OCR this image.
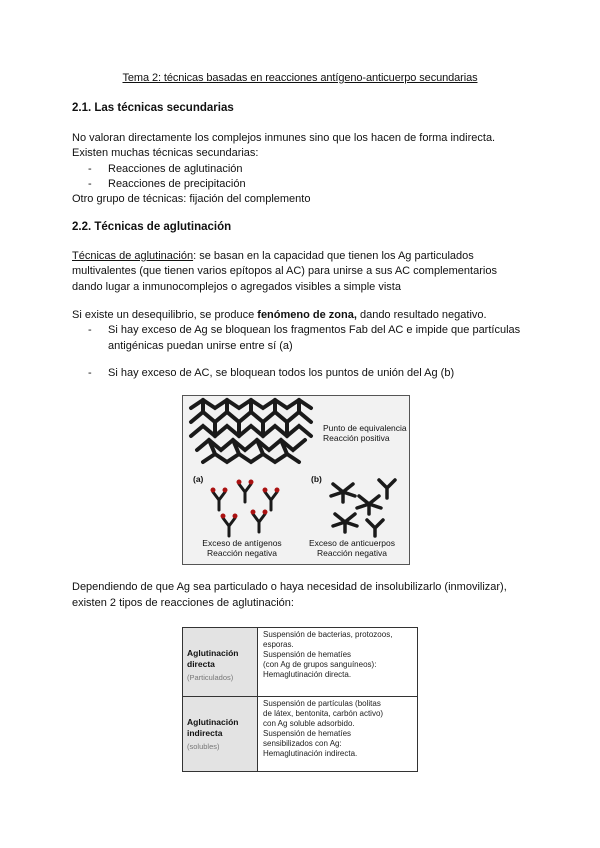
Tema 2: técnicas basadas en reacciones antígeno-anticuerpo secundarias
2.1. Las técnicas secundarias
No valoran directamente los complejos inmunes sino que los hacen de forma indirecta.
Existen muchas técnicas secundarias:
- Reacciones de aglutinación
- Reacciones de precipitación
Otro grupo de técnicas: fijación del complemento
2.2. Técnicas de aglutinación
Técnicas de aglutinación: se basan en la capacidad que tienen los Ag particulados
multivalentes (que tienen varios epítopos al AC) para unirse a sus AC complementarios
dando lugar a inmunocomplejos o agregados visibles a simple vista
Si existe un desequilibrio, se produce fenómeno de zona, dando resultado negativo.
- Si hay exceso de Ag se bloquean los fragmentos Fab del AC e impide que partículas antigénicas puedan unirse entre sí (a)
- Si hay exceso de AC, se bloquean todos los puntos de unión del Ag (b)
Punto de equivalencia
Reacción positiva
(a)	(b)
Exceso de antígenos
Reacción negativa
Exceso de anticuerpos
Reacción negativa
Dependiendo de que Ag sea particulado o haya necesidad de insolubilizarlo (inmovilizar),
existen 2 tipos de reacciones de aglutinación:
Aglutinación
directa
(Particulados)
Suspensión de bacterias, protozoos,
esporas.
Suspensión de hematíes
(con Ag de grupos sanguíneos):
Hemaglutinación directa.
Aglutinación
indirecta
(solubles)
Suspensión de partículas (bolitas
de látex, bentonita, carbón activo)
con Ag soluble adsorbido.
Suspensión de hematíes
sensibilizados con Ag:
Hemaglutinación indirecta.
